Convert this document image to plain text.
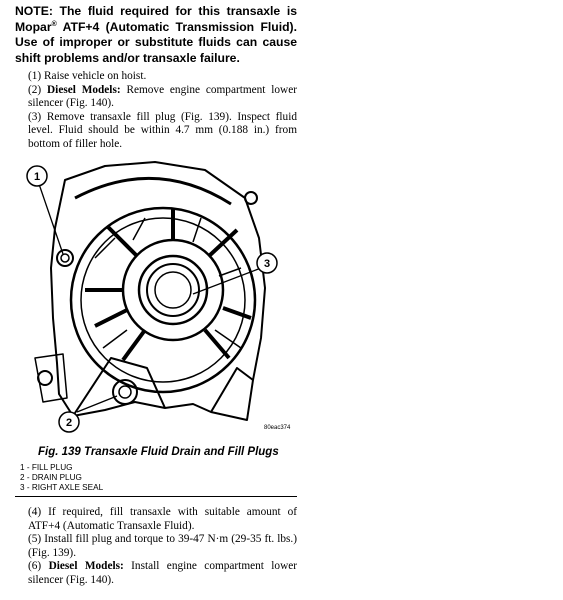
NOTE: The fluid required for this transaxle is Mopar® ATF+4 (Automatic Transmission Fluid). Use of improper or substitute fluids can cause shift problems and/or transaxle failure.

(1) Raise vehicle on hoist.

(2) Diesel Models: Remove engine compartment lower silencer (Fig. 140).

(3) Remove transaxle fill plug (Fig. 139). Inspect fluid level. Fluid should be within 4.7 mm (0.188 in.) from bottom of filler hole.

1
2
3
80eac374
Fig. 139 Transaxle Fluid Drain and Fill Plugs
1 - FILL PLUG
2 - DRAIN PLUG
3 - RIGHT AXLE SEAL

(4) If required, fill transaxle with suitable amount of ATF+4 (Automatic Transaxle Fluid).

(5) Install fill plug and torque to 39-47 N·m (29-35 ft. lbs.) (Fig. 139).

(6) Diesel Models: Install engine compartment lower silencer (Fig. 140).
